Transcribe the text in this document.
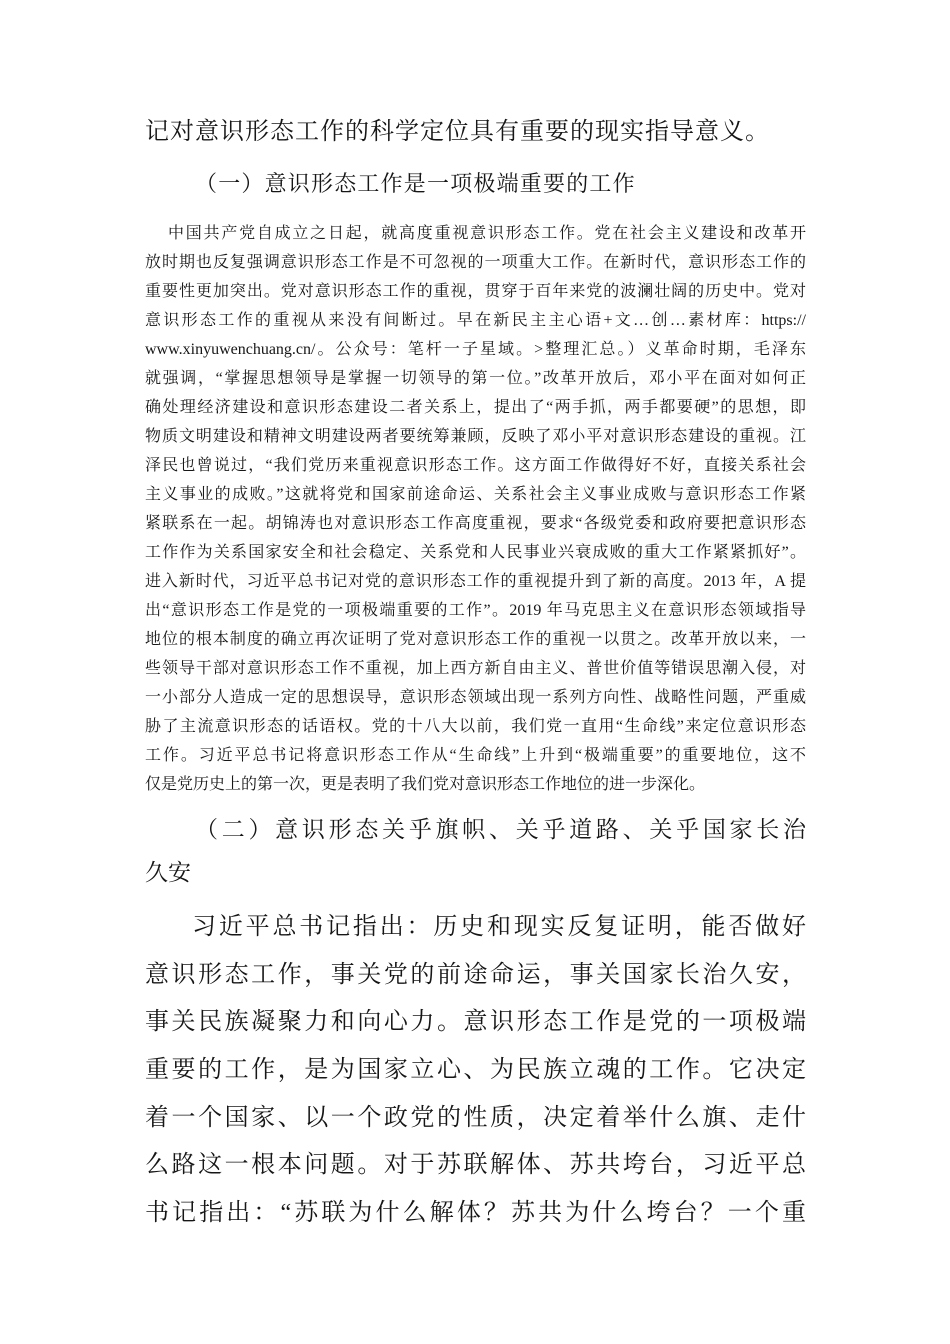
记对意识形态工作的科学定位具有重要的现实指导意义。
（一）意识形态工作是一项极端重要的工作
中国共产党自成立之日起，就高度重视意识形态工作。党在社会主义建设和改革开
放时期也反复强调意识形态工作是不可忽视的一项重大工作。在新时代，意识形态工作的
重要性更加突出。党对意识形态工作的重视，贯穿于百年来党的波澜壮阔的历史中。党对
意识形态工作的重视从来没有间断过。早在新民主主心语+文…创…素材库：https://
www.xinyuwenchuang.cn/。公众号：笔杆一子星域。>整理汇总。）义革命时期，毛泽东
就强调，“掌握思想领导是掌握一切领导的第一位。”改革开放后，邓小平在面对如何正
确处理经济建设和意识形态建设二者关系上，提出了“两手抓，两手都要硬”的思想，即
物质文明建设和精神文明建设两者要统筹兼顾，反映了邓小平对意识形态建设的重视。江
泽民也曾说过，“我们党历来重视意识形态工作。这方面工作做得好不好，直接关系社会
主义事业的成败。”这就将党和国家前途命运、关系社会主义事业成败与意识形态工作紧
紧联系在一起。胡锦涛也对意识形态工作高度重视，要求“各级党委和政府要把意识形态
工作作为关系国家安全和社会稳定、关系党和人民事业兴衰成败的重大工作紧紧抓好”。
进入新时代，习近平总书记对党的意识形态工作的重视提升到了新的高度。2013 年，A 提
出“意识形态工作是党的一项极端重要的工作”。2019 年马克思主义在意识形态领域指导
地位的根本制度的确立再次证明了党对意识形态工作的重视一以贯之。改革开放以来，一
些领导干部对意识形态工作不重视，加上西方新自由主义、普世价值等错误思潮入侵，对
一小部分人造成一定的思想误导，意识形态领域出现一系列方向性、战略性问题，严重威
胁了主流意识形态的话语权。党的十八大以前，我们党一直用“生命线”来定位意识形态
工作。习近平总书记将意识形态工作从“生命线”上升到“极端重要”的重要地位，这不
仅是党历史上的第一次，更是表明了我们党对意识形态工作地位的进一步深化。
（二）意识形态关乎旗帜、关乎道路、关乎国家长治
久安
习近平总书记指出：历史和现实反复证明，能否做好
意识形态工作，事关党的前途命运，事关国家长治久安，
事关民族凝聚力和向心力。意识形态工作是党的一项极端
重要的工作，是为国家立心、为民族立魂的工作。它决定
着一个国家、以一个政党的性质，决定着举什么旗、走什
么路这一根本问题。对于苏联解体、苏共垮台，习近平总
书记指出：“苏联为什么解体？苏共为什么垮台？一个重
